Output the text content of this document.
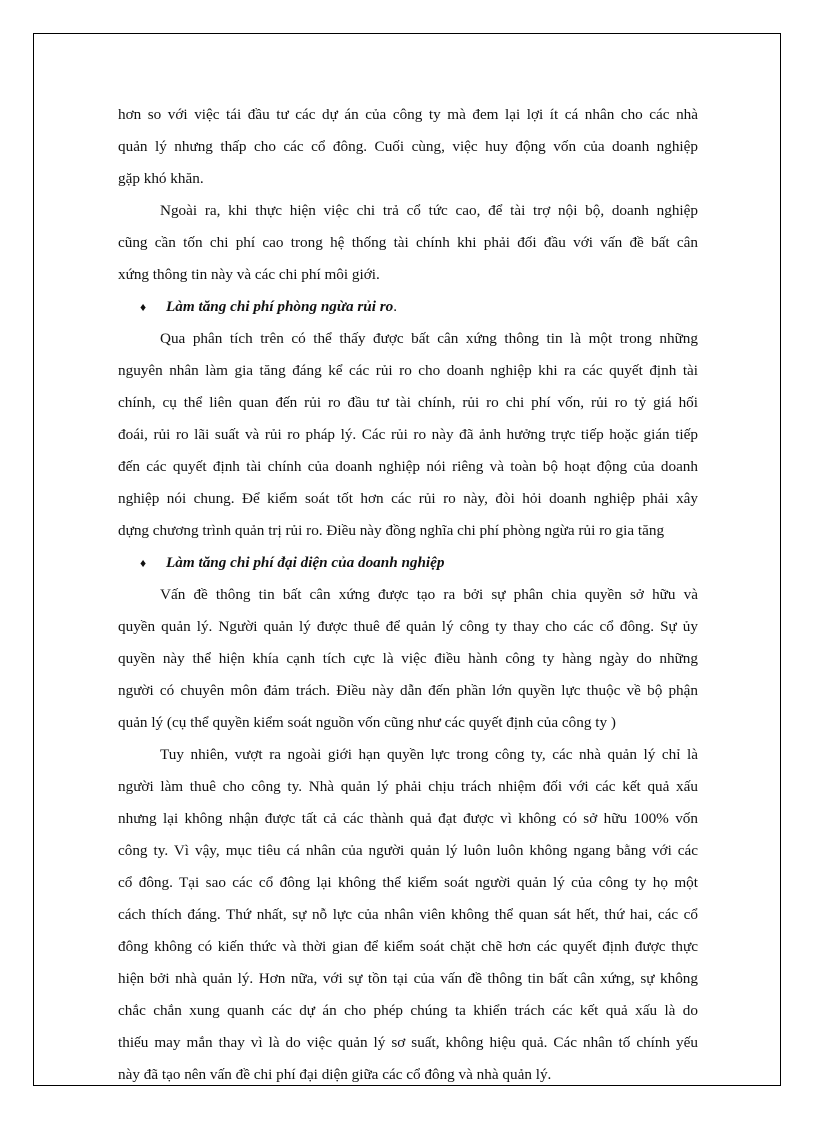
hơn so với việc tái đầu tư các dự án của công ty mà đem lại lợi ít cá nhân cho các nhà
quản lý nhưng thấp cho các cổ đông. Cuối cùng, việc huy động vốn của doanh nghiệp
gặp khó khăn.
Ngoài ra, khi thực hiện việc chi trả cổ tức cao, để tài trợ nội bộ, doanh nghiệp
cũng cần tốn chi phí cao trong hệ thống tài chính khi phải đối đầu với vấn đề bất cân
xứng thông tin này và các chi phí môi giới.
♦ Làm tăng chi phí phòng ngừa rủi ro.
Qua phân tích trên có thể thấy được bất cân xứng thông tin là một trong những
nguyên nhân làm gia tăng đáng kể các rủi ro cho doanh nghiệp khi ra các quyết định tài
chính, cụ thể liên quan đến rủi ro đầu tư tài chính, rủi ro chi phí vốn, rủi ro tỷ giá hối
đoái, rủi ro lãi suất và rủi ro pháp lý. Các rủi ro này đã ảnh hưởng trực tiếp hoặc gián tiếp
đến các quyết định tài chính của doanh nghiệp nói riêng và toàn bộ hoạt động của doanh
nghiệp nói chung. Để kiểm soát tốt hơn các rủi ro này, đòi hỏi doanh nghiệp phải xây
dựng chương trình quản trị rủi ro. Điều này đồng nghĩa chi phí phòng ngừa rủi ro gia tăng
♦ Làm tăng chi phí đại diện của doanh nghiệp
Vấn đề thông tin bất cân xứng được tạo ra bởi sự phân chia quyền sở hữu và
quyền quản lý. Người quản lý được thuê để quản lý công ty thay cho các cổ đông. Sự ủy
quyền này thể hiện khía cạnh tích cực là việc điều hành công ty hàng ngày do những
người có chuyên môn đảm trách. Điều này dẫn đến phần lớn quyền lực thuộc về bộ phận
quản lý (cụ thể quyền kiểm soát nguồn vốn cũng như các quyết định của công ty )
Tuy nhiên, vượt ra ngoài giới hạn quyền lực trong công ty, các nhà quản lý chỉ là
người làm thuê cho công ty. Nhà quản lý phải chịu trách nhiệm đối với các kết quả xấu
nhưng lại không nhận được tất cả các thành quả đạt được vì không có sở hữu 100% vốn
công ty. Vì vậy, mục tiêu cá nhân của người quản lý luôn luôn không ngang bằng với các
cổ đông. Tại sao các cổ đông lại không thể kiểm soát người quản lý của công ty họ một
cách thích đáng. Thứ nhất, sự nỗ lực của nhân viên không thể quan sát hết, thứ hai, các cổ
đông không có kiến thức và thời gian để kiểm soát chặt chẽ hơn các quyết định được thực
hiện bởi nhà quản lý. Hơn nữa, với sự tồn tại của vấn đề thông tin bất cân xứng, sự không
chắc chắn xung quanh các dự án cho phép chúng ta khiển trách các kết quả xấu là do
thiếu may mắn thay vì là do việc quản lý sơ suất, không hiệu quả. Các nhân tố chính yếu
này đã tạo nên vấn đề chi phí đại diện giữa các cổ đông và nhà quản lý.
